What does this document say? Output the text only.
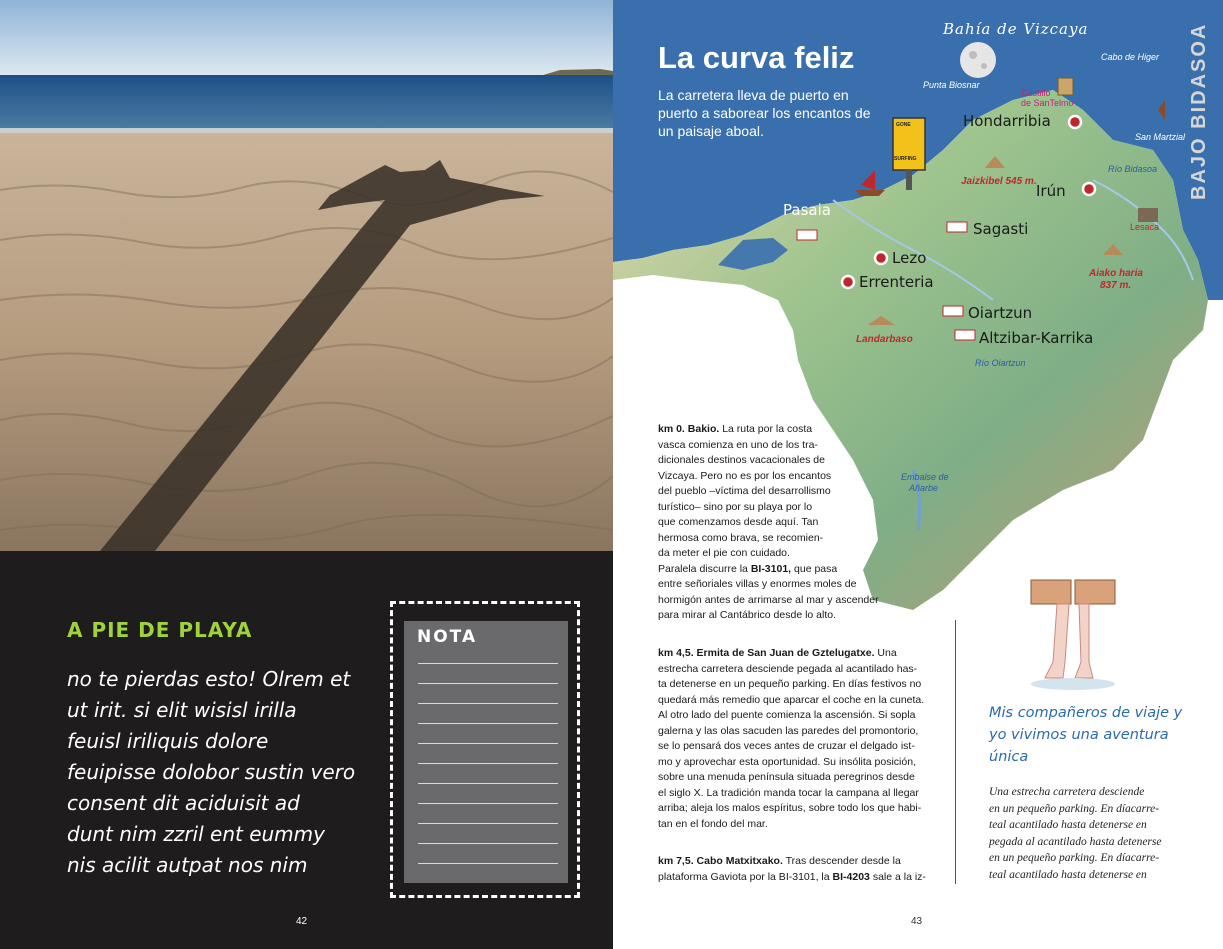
A PIE DE PLAYA
no te pierdas esto! Olrem et
ut irit. si elit wisisl irilla
feuisl iriliquis dolore
feuipisse dolobor sustin vero
consent dit aciduisit ad
dunt nim zzril ent eummy
nis acilit autpat nos nim
NOTA
42
La curva feliz
La carretera lleva de puerto en puerto a saborear los encantos de un paisaje aboal.	BAJO BIDASOA
Bahía de Vizcaya
Cabo de Higer
Punta Biosnar
Castillo
de SanTelmo
Hondarribia
San Martzial
Río Bidasoa
Jaizkibel 545 m.
Irún
Pasaia
Lesaca
Sagasti
Lezo
Aiako haria
837 m.
Errenteria
Oiartzun
Landarbaso	Altzibar-Karrika
Río Oiartzun
Embalse de
Añarbe
GONE
SURFING
km 0. Bakio. La ruta por la costa
vasca comienza en uno de los tra-
dicionales destinos vacacionales de
Vizcaya. Pero no es por los encantos
del pueblo –víctima del desarrollismo
turístico– sino por su playa por lo
que comenzamos desde aquí. Tan
hermosa como brava, se recomien-
da meter el pie con cuidado.
Paralela discurre la BI-3101, que pasa
entre señoriales villas y enormes moles de
hormigón antes de arrimarse al mar y ascender
para mirar al Cantábrico desde lo alto.
km 4,5. Ermita de San Juan de Gztelugatxe. Una
estrecha carretera desciende pegada al acantilado has-
ta detenerse en un pequeño parking. En días festivos no
quedará más remedio que aparcar el coche en la cuneta.
Al otro lado del puente comienza la ascensión. Si sopla
galerna y las olas sacuden las paredes del promontorio,
se lo pensará dos veces antes de cruzar el delgado ist-
mo y aprovechar esta oportunidad. Su insólita posición,
sobre una menuda península situada peregrinos desde
el siglo X. La tradición manda tocar la campana al llegar
arriba; aleja los malos espíritus, sobre todo los que habi-
tan en el fondo del mar.
km 7,5. Cabo Matxitxako. Tras descender desde la
plataforma Gaviota por la BI-3101, la BI-4203 sale a la iz-
Mis compañeros de viaje y yo vivimos una aventura única
Una estrecha carretera desciende
en un pequeño parking. En díacarre-
teal acantilado hasta detenerse en
pegada al acantilado hasta detenerse
en un pequeño parking. En díacarre-
teal acantilado hasta detenerse en
43
